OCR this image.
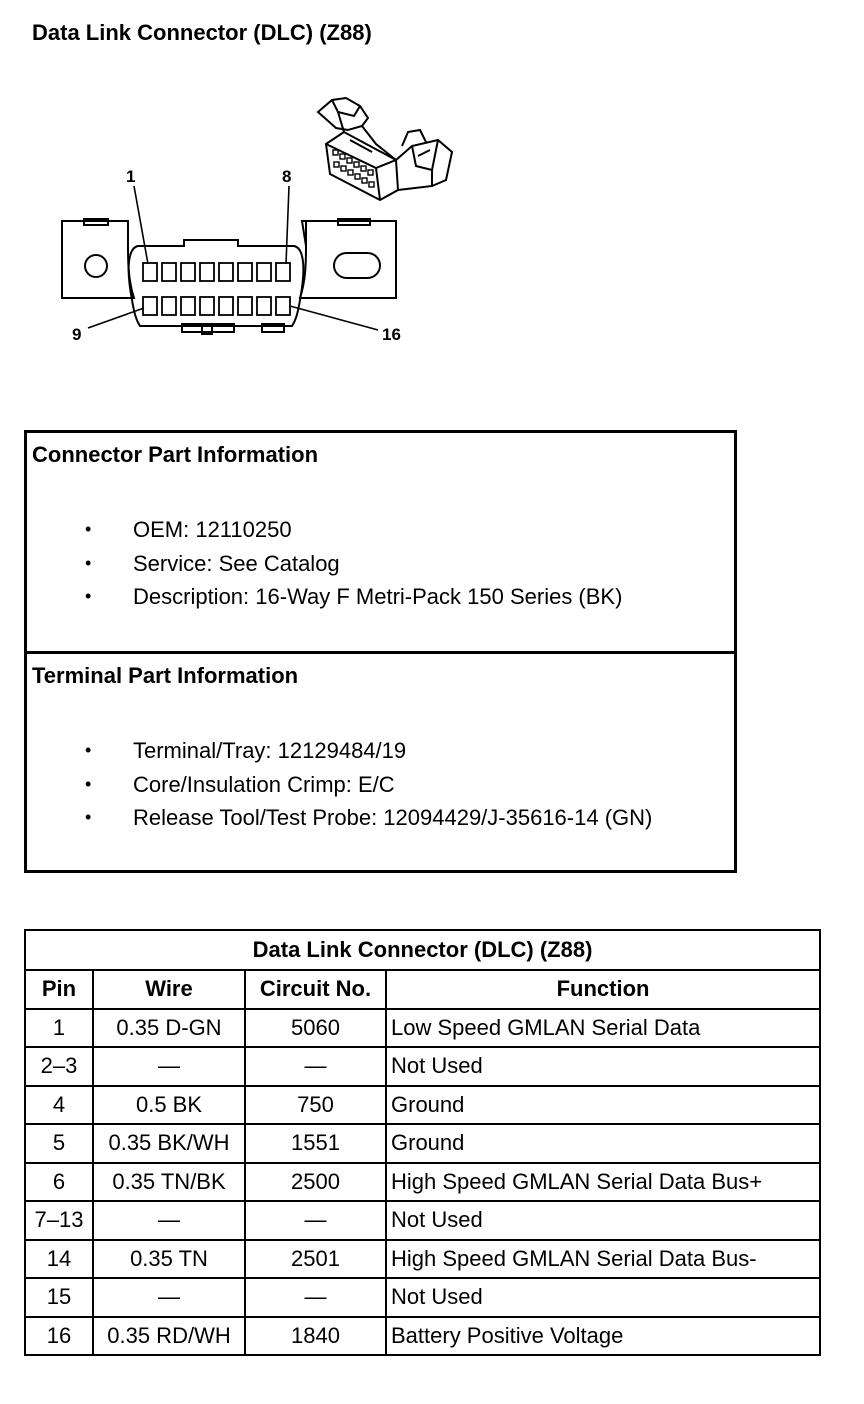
Data Link Connector (DLC) (Z88)
1	8
9	16
Connector Part Information
• OEM: 12110250
• Service: See Catalog
• Description: 16-Way F Metri-Pack 150 Series (BK)
Terminal Part Information
• Terminal/Tray: 12129484/19
• Core/Insulation Crimp: E/C
• Release Tool/Test Probe: 12094429/J-35616-14 (GN)
Data Link Connector (DLC) (Z88)			
Pin	Wire	Circuit No.	Function
1	0.35 D-GN	5060	Low Speed GMLAN Serial Data
2–3	—	—	Not Used
4	0.5 BK	750	Ground
5	0.35 BK/WH	1551	Ground
6	0.35 TN/BK	2500	High Speed GMLAN Serial Data Bus+
7–13	—	—	Not Used
14	0.35 TN	2501	High Speed GMLAN Serial Data Bus-
15	—	—	Not Used
16	0.35 RD/WH	1840	Battery Positive Voltage
